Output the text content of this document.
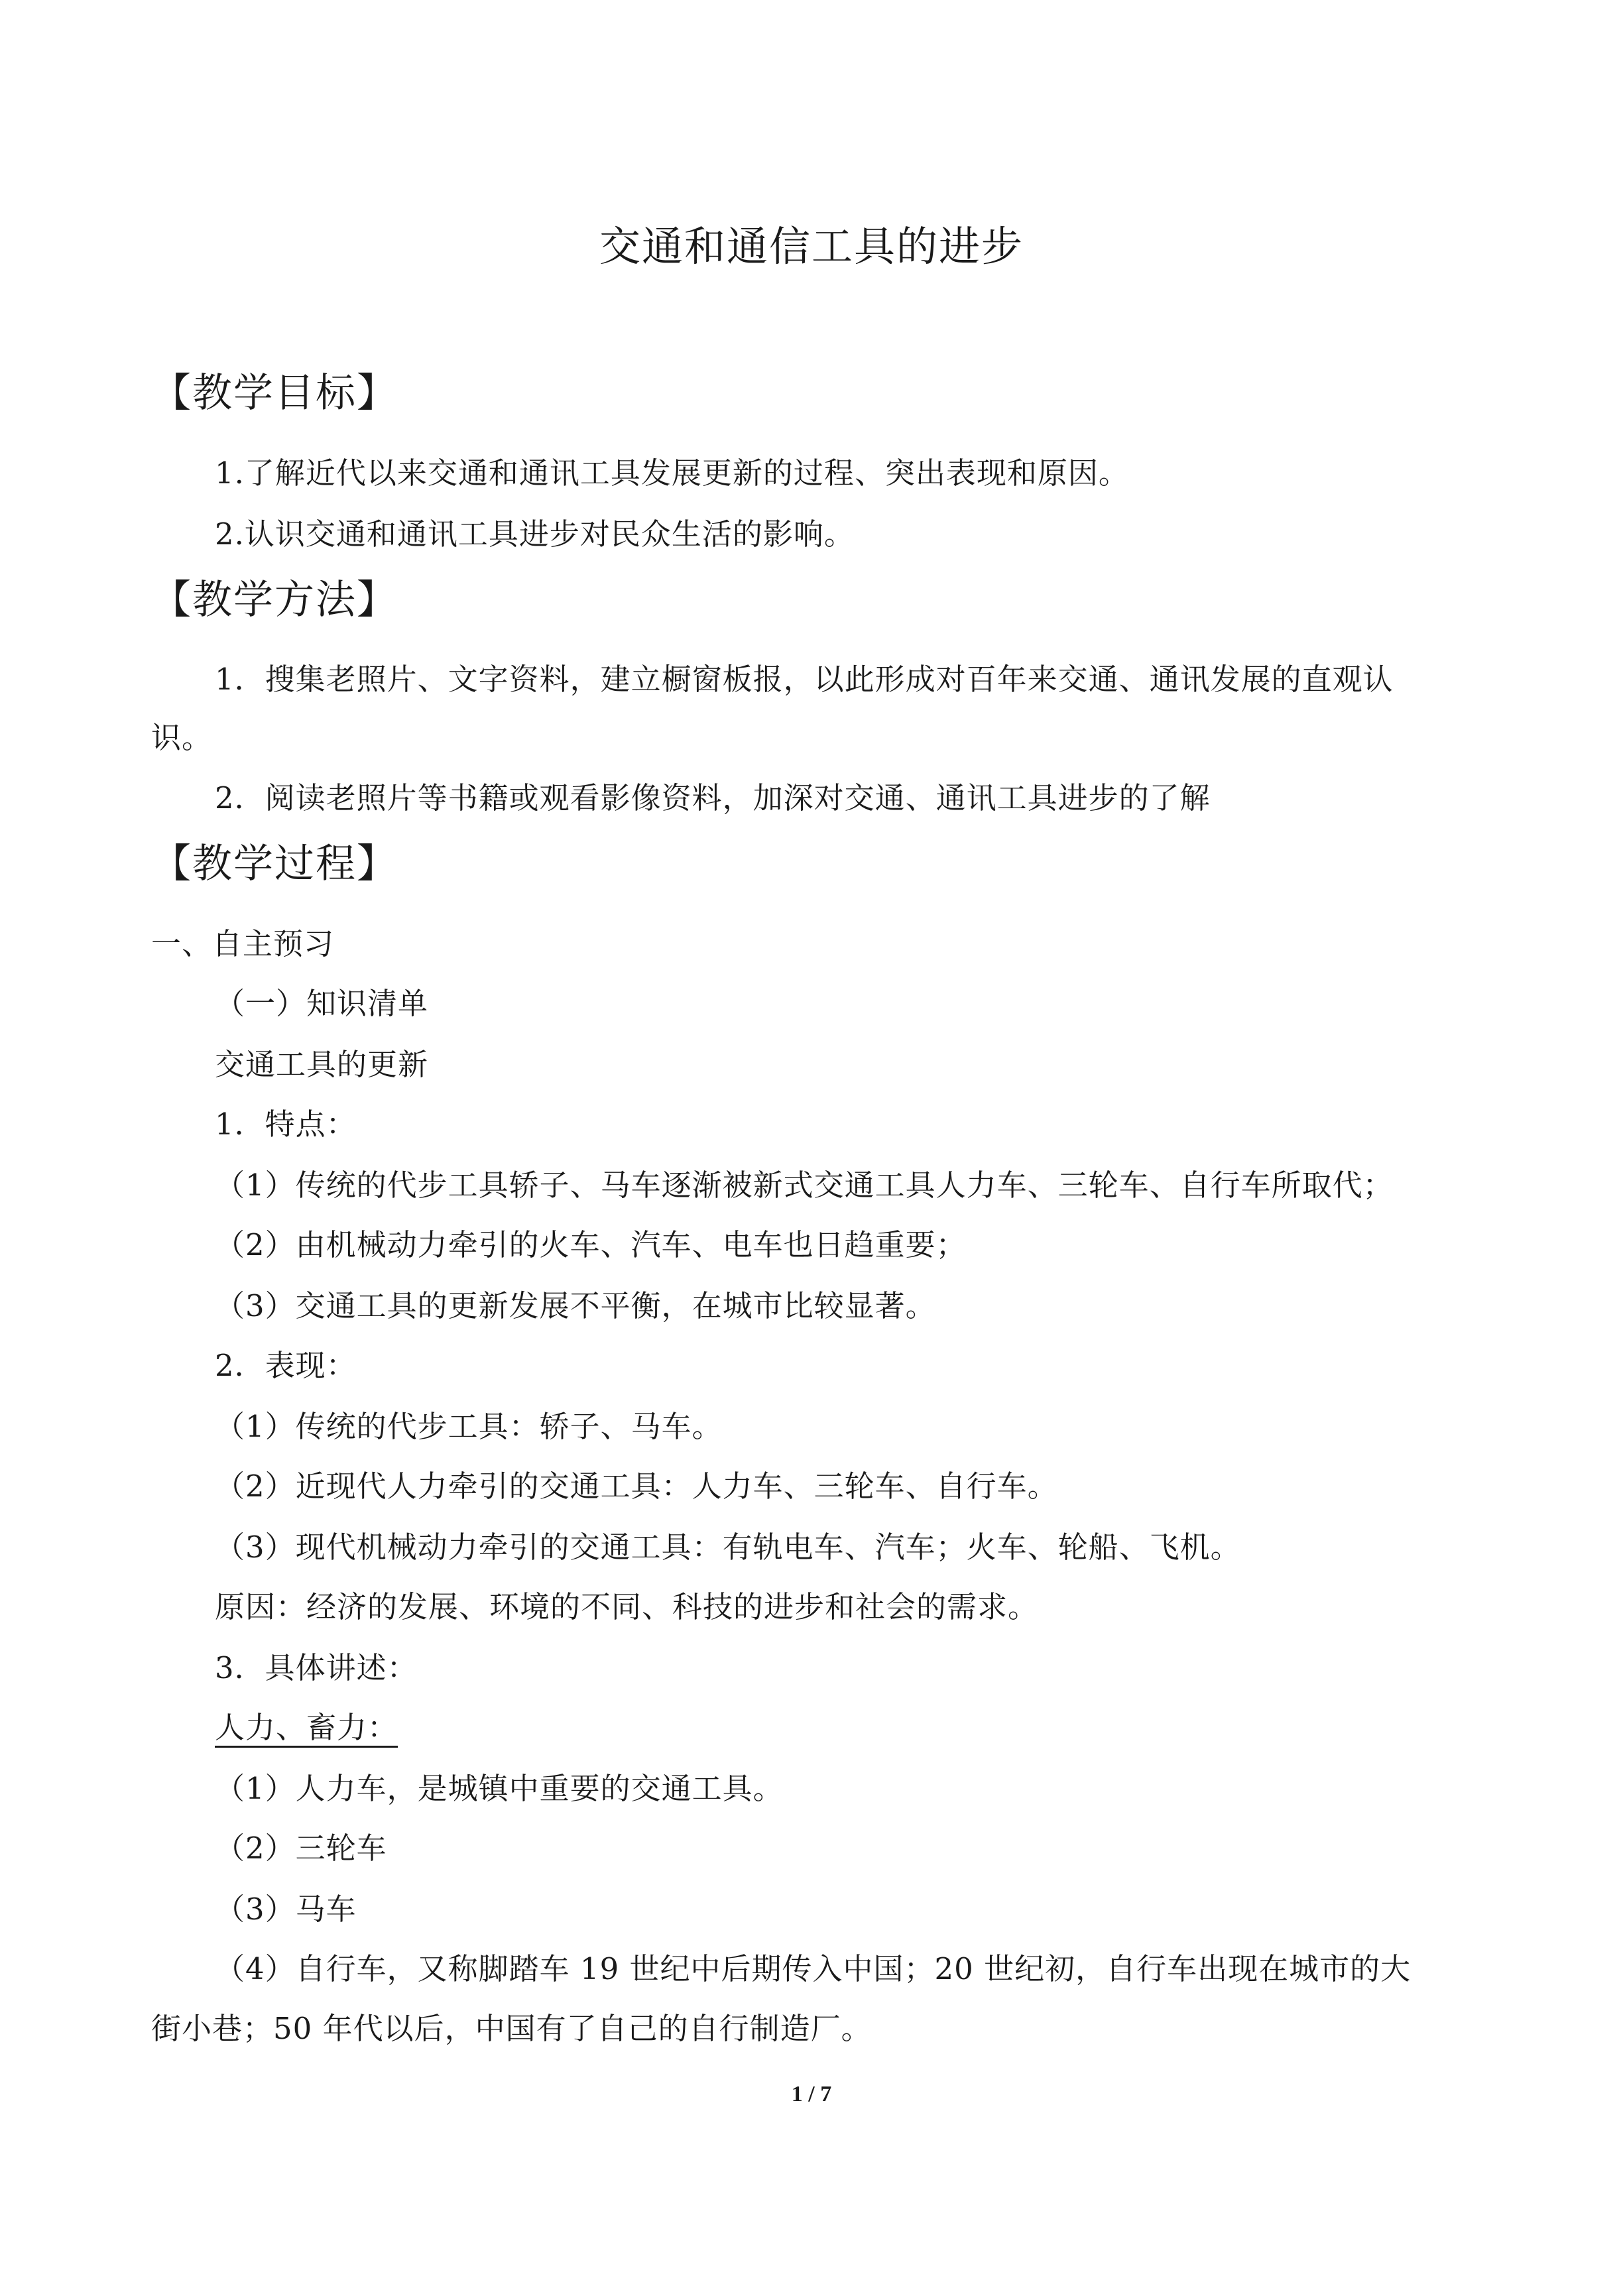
交通和通信工具的进步
【教学目标】
1.了解近代以来交通和通讯工具发展更新的过程、突出表现和原因。
2.认识交通和通讯工具进步对民众生活的影响。
【教学方法】
1．搜集老照片、文字资料，建立橱窗板报，以此形成对百年来交通、通讯发展的直观认
识。
2．阅读老照片等书籍或观看影像资料，加深对交通、通讯工具进步的了解
【教学过程】
一、自主预习
（一）知识清单
交通工具的更新
1．特点：
（1）传统的代步工具轿子、马车逐渐被新式交通工具人力车、三轮车、自行车所取代；
（2）由机械动力牵引的火车、汽车、电车也日趋重要；
（3）交通工具的更新发展不平衡，在城市比较显著。
2．表现：
（1）传统的代步工具：轿子、马车。
（2）近现代人力牵引的交通工具：人力车、三轮车、自行车。
（3）现代机械动力牵引的交通工具：有轨电车、汽车；火车、轮船、飞机。
原因：经济的发展、环境的不同、科技的进步和社会的需求。
3．具体讲述：
人力、畜力：
（1）人力车，是城镇中重要的交通工具。
（2）三轮车
（3）马车
（4）自行车，又称脚踏车 19 世纪中后期传入中国；20 世纪初，自行车出现在城市的大
街小巷；50 年代以后，中国有了自己的自行制造厂。
1 / 7
